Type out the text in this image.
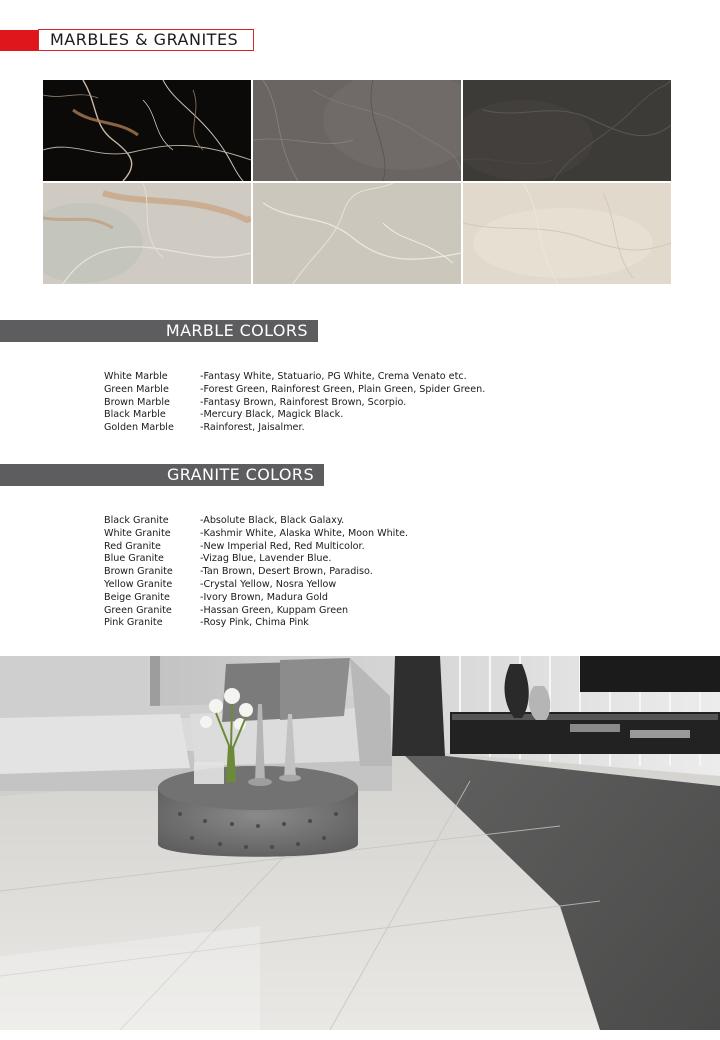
MARBLES & GRANITES
MARBLE COLORS
White Marble	-Fantasy White, Statuario, PG White, Crema Venato etc.
Green Marble	-Forest Green, Rainforest Green, Plain Green, Spider Green.
Brown Marble	-Fantasy Brown, Rainforest Brown, Scorpio.
Black Marble	-Mercury Black, Magick Black.
Golden Marble	-Rainforest, Jaisalmer.
GRANITE COLORS
Black Granite	-Absolute Black, Black Galaxy.
White Granite	-Kashmir White, Alaska White, Moon White.
Red Granite	-New Imperial Red, Red Multicolor.
Blue Granite	-Vizag Blue, Lavender Blue.
Brown Granite	-Tan Brown, Desert Brown, Paradiso.
Yellow Granite	-Crystal Yellow, Nosra Yellow
Beige Granite	-Ivory Brown, Madura Gold
Green Granite	-Hassan Green, Kuppam Green
Pink Granite	-Rosy Pink, Chima Pink
